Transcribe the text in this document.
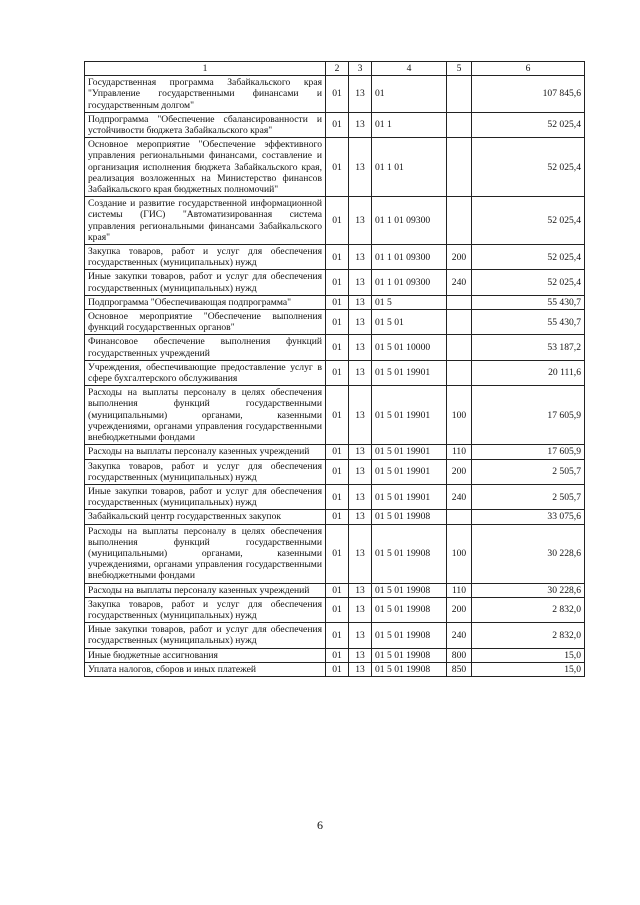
1	2	3	4	5	6
Государственная программа Забайкальского края "Управление государственными финансами и государственным долгом"	01	13	01		107 845,6
Подпрограмма "Обеспечение сбалансированности и устойчивости бюджета Забайкальского края"	01	13	01 1		52 025,4
Основное мероприятие "Обеспечение эффективного управления региональными финансами, составление и организация исполнения бюджета Забайкальского края, реализация возложенных на Министерство финансов Забайкальского края бюджетных полномочий"	01	13	01 1 01		52 025,4
Создание и развитие государственной информационной системы (ГИС) "Автоматизированная система управления региональными финансами Забайкальского края"	01	13	01 1 01 09300		52 025,4
Закупка товаров, работ и услуг для обеспечения государственных (муниципальных) нужд	01	13	01 1 01 09300	200	52 025,4
Иные закупки товаров, работ и услуг для обеспечения государственных (муниципальных) нужд	01	13	01 1 01 09300	240	52 025,4
Подпрограмма "Обеспечивающая подпрограмма"	01	13	01 5		55 430,7
Основное мероприятие "Обеспечение выполнения функций государственных органов"	01	13	01 5 01		55 430,7
Финансовое обеспечение выполнения функций государственных учреждений	01	13	01 5 01 10000		53 187,2
Учреждения, обеспечивающие предоставление услуг в сфере бухгалтерского обслуживания	01	13	01 5 01 19901		20 111,6
Расходы на выплаты персоналу в целях обеспечения выполнения функций государственными (муниципальными) органами, казенными учреждениями, органами управления государственными внебюджетными фондами	01	13	01 5 01 19901	100	17 605,9
Расходы на выплаты персоналу казенных учреждений	01	13	01 5 01 19901	110	17 605,9
Закупка товаров, работ и услуг для обеспечения государственных (муниципальных) нужд	01	13	01 5 01 19901	200	2 505,7
Иные закупки товаров, работ и услуг для обеспечения государственных (муниципальных) нужд	01	13	01 5 01 19901	240	2 505,7
Забайкальский центр государственных закупок	01	13	01 5 01 19908		33 075,6
Расходы на выплаты персоналу в целях обеспечения выполнения функций государственными (муниципальными) органами, казенными учреждениями, органами управления государственными внебюджетными фондами	01	13	01 5 01 19908	100	30 228,6
Расходы на выплаты персоналу казенных учреждений	01	13	01 5 01 19908	110	30 228,6
Закупка товаров, работ и услуг для обеспечения государственных (муниципальных) нужд	01	13	01 5 01 19908	200	2 832,0
Иные закупки товаров, работ и услуг для обеспечения государственных (муниципальных) нужд	01	13	01 5 01 19908	240	2 832,0
Иные бюджетные ассигнования	01	13	01 5 01 19908	800	15,0
Уплата налогов, сборов и иных платежей	01	13	01 5 01 19908	850	15,0
6
